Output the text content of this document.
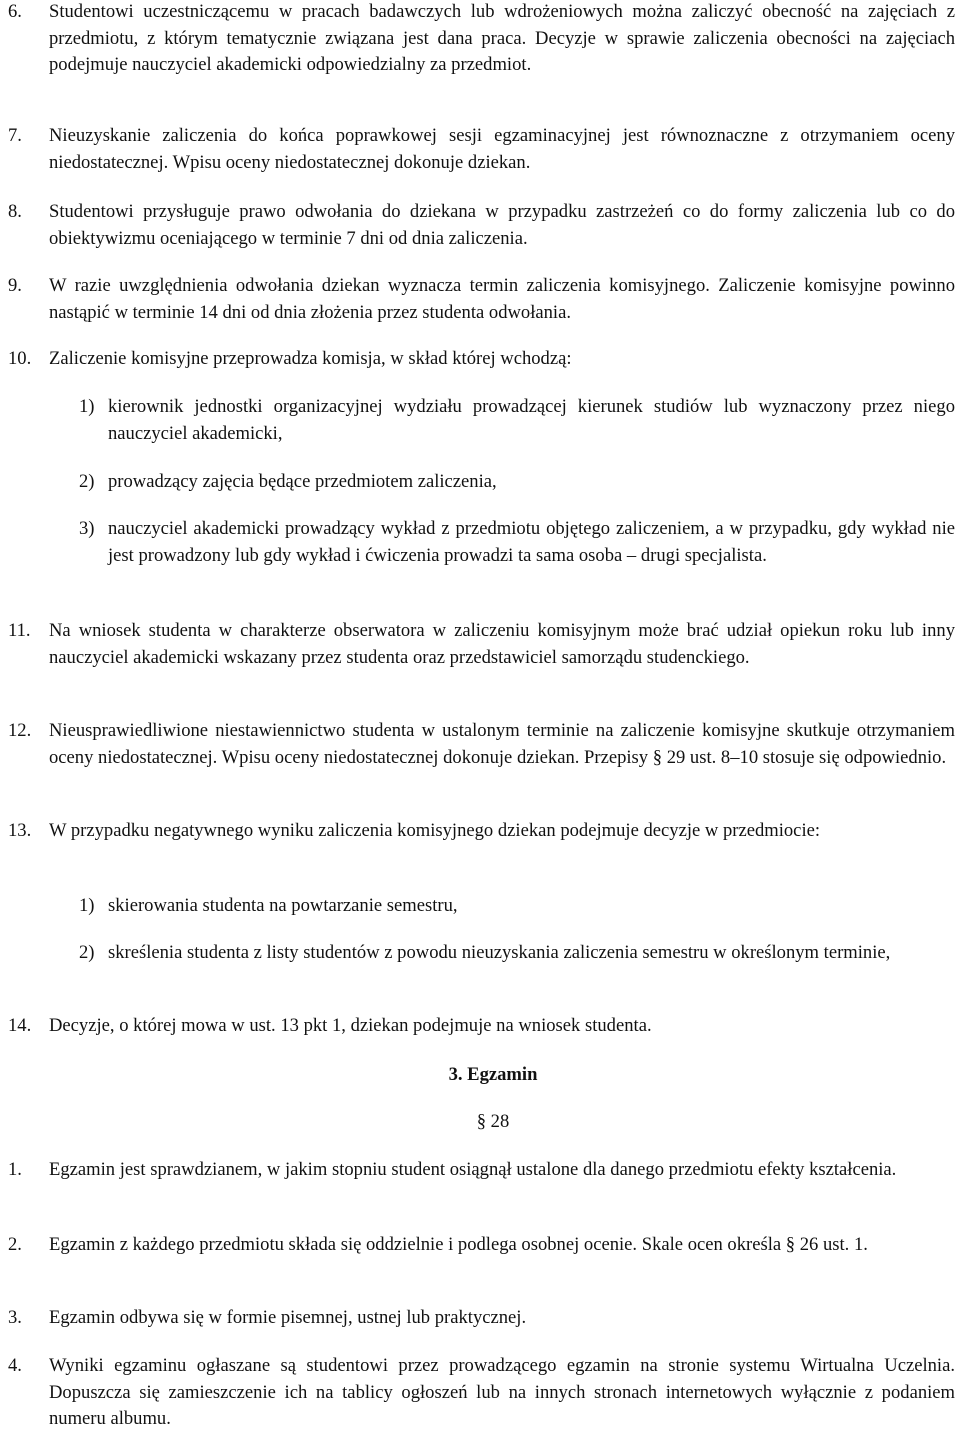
6. Studentowi uczestniczącemu w pracach badawczych lub wdrożeniowych można zaliczyć obecność na zajęciach z przedmiotu, z którym tematycznie związana jest dana praca. Decyzje w sprawie zaliczenia obecności na zajęciach podejmuje nauczyciel akademicki odpowiedzialny za przedmiot.
7. Nieuzyskanie zaliczenia do końca poprawkowej sesji egzaminacyjnej jest równoznaczne z otrzymaniem oceny niedostatecznej. Wpisu oceny niedostatecznej dokonuje dziekan.
8. Studentowi przysługuje prawo odwołania do dziekana w przypadku zastrzeżeń co do formy zaliczenia lub co do obiektywizmu oceniającego w terminie 7 dni od dnia zaliczenia.
9. W razie uwzględnienia odwołania dziekan wyznacza termin zaliczenia komisyjnego. Zaliczenie komisyjne powinno nastąpić w terminie 14 dni od dnia złożenia przez studenta odwołania.
10. Zaliczenie komisyjne przeprowadza komisja, w skład której wchodzą:
1) kierownik jednostki organizacyjnej wydziału prowadzącej kierunek studiów lub wyznaczony przez niego nauczyciel akademicki,
2) prowadzący zajęcia będące przedmiotem zaliczenia,
3) nauczyciel akademicki prowadzący wykład z przedmiotu objętego zaliczeniem, a w przypadku, gdy wykład nie jest prowadzony lub gdy wykład i ćwiczenia prowadzi ta sama osoba – drugi specjalista.
11. Na wniosek studenta w charakterze obserwatora w zaliczeniu komisyjnym może brać udział opiekun roku lub inny nauczyciel akademicki wskazany przez studenta oraz przedstawiciel samorządu studenckiego.
12. Nieusprawiedliwione niestawiennictwo studenta w ustalonym terminie na zaliczenie komisyjne skutkuje otrzymaniem oceny niedostatecznej. Wpisu oceny niedostatecznej dokonuje dziekan. Przepisy § 29 ust. 8–10 stosuje się odpowiednio.
13. W przypadku negatywnego wyniku zaliczenia komisyjnego dziekan podejmuje decyzje w przedmiocie:
1) skierowania studenta na powtarzanie semestru,
2) skreślenia studenta z listy studentów z powodu nieuzyskania zaliczenia semestru w określonym terminie,
14. Decyzje, o której mowa w ust. 13 pkt 1, dziekan podejmuje na wniosek studenta.
3. Egzamin
§ 28
1. Egzamin jest sprawdzianem, w jakim stopniu student osiągnął ustalone dla danego przedmiotu efekty kształcenia.
2. Egzamin z każdego przedmiotu składa się oddzielnie i podlega osobnej ocenie. Skale ocen określa § 26 ust. 1.
3. Egzamin odbywa się w formie pisemnej, ustnej lub praktycznej.
4. Wyniki egzaminu ogłaszane są studentowi przez prowadzącego egzamin na stronie systemu Wirtualna Uczelnia. Dopuszcza się zamieszczenie ich na tablicy ogłoszeń lub na innych stronach internetowych wyłącznie z podaniem numeru albumu.
